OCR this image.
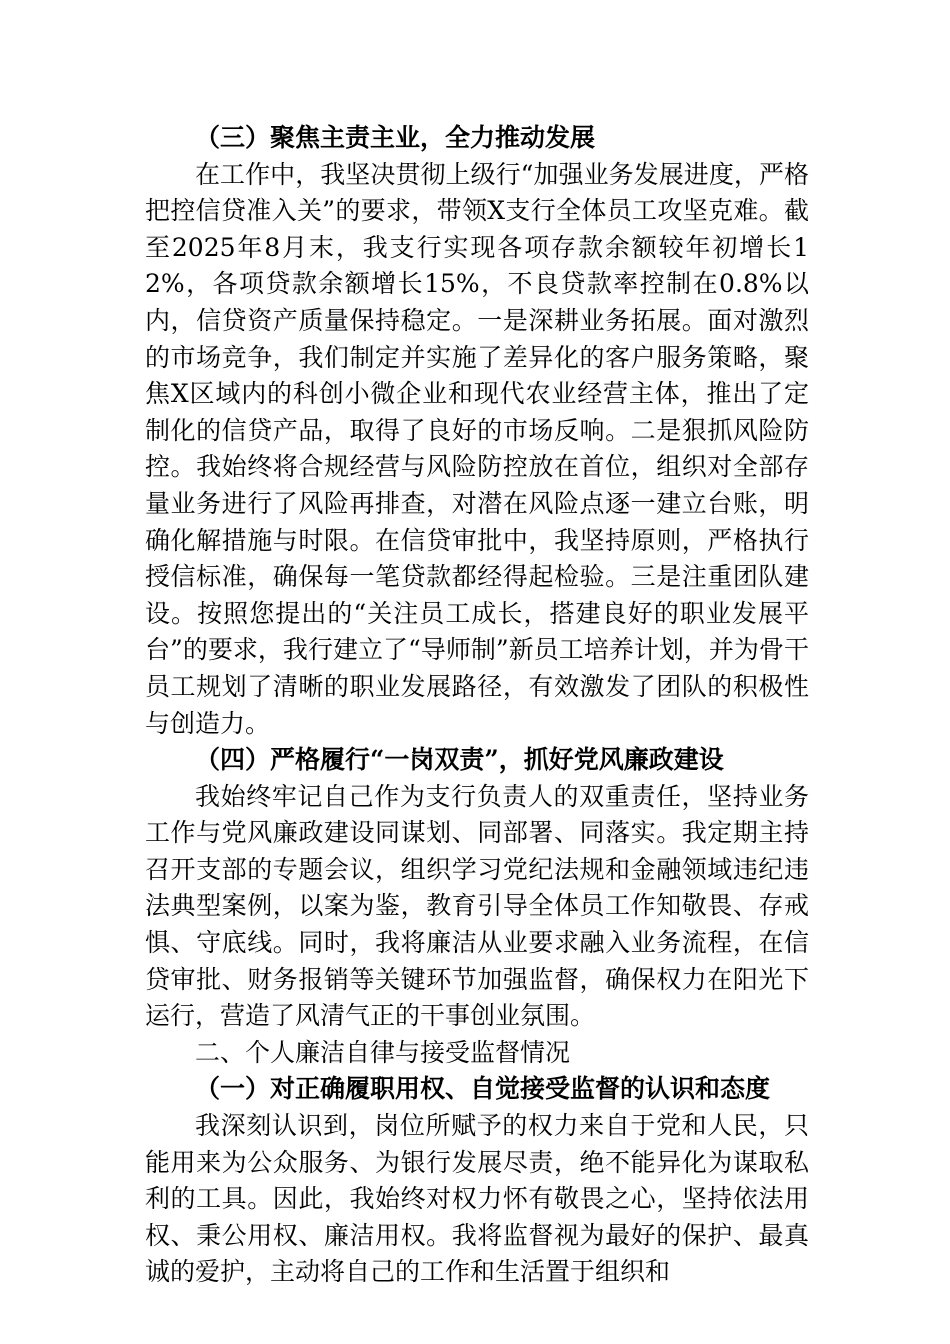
（三）聚焦主责主业，全力推动发展

在工作中，我坚决贯彻上级行“加强业务发展进度，严格把控信贷准入关”的要求，带领X支行全体员工攻坚克难。截至2025年8月末，我支行实现各项存款余额较年初增长12%，各项贷款余额增长15%，不良贷款率控制在0.8%以内，信贷资产质量保持稳定。一是深耕业务拓展。面对激烈的市场竞争，我们制定并实施了差异化的客户服务策略，聚焦X区域内的科创小微企业和现代农业经营主体，推出了定制化的信贷产品，取得了良好的市场反响。二是狠抓风险防控。我始终将合规经营与风险防控放在首位，组织对全部存量业务进行了风险再排查，对潜在风险点逐一建立台账，明确化解措施与时限。在信贷审批中，我坚持原则，严格执行授信标准，确保每一笔贷款都经得起检验。三是注重团队建设。按照您提出的“关注员工成长，搭建良好的职业发展平台”的要求，我行建立了“导师制”新员工培养计划，并为骨干员工规划了清晰的职业发展路径，有效激发了团队的积极性与创造力。

（四）严格履行“一岗双责”，抓好党风廉政建设

我始终牢记自己作为支行负责人的双重责任，坚持业务工作与党风廉政建设同谋划、同部署、同落实。我定期主持召开支部的专题会议，组织学习党纪法规和金融领域违纪违法典型案例，以案为鉴，教育引导全体员工作知敬畏、存戒惧、守底线。同时，我将廉洁从业要求融入业务流程，在信贷审批、财务报销等关键环节加强监督，确保权力在阳光下运行，营造了风清气正的干事创业氛围。

二、个人廉洁自律与接受监督情况

（一）对正确履职用权、自觉接受监督的认识和态度

我深刻认识到，岗位所赋予的权力来自于党和人民，只能用来为公众服务、为银行发展尽责，绝不能异化为谋取私利的工具。因此，我始终对权力怀有敬畏之心，坚持依法用权、秉公用权、廉洁用权。我将监督视为最好的保护、最真诚的爱护，主动将自己的工作和生活置于组织和
